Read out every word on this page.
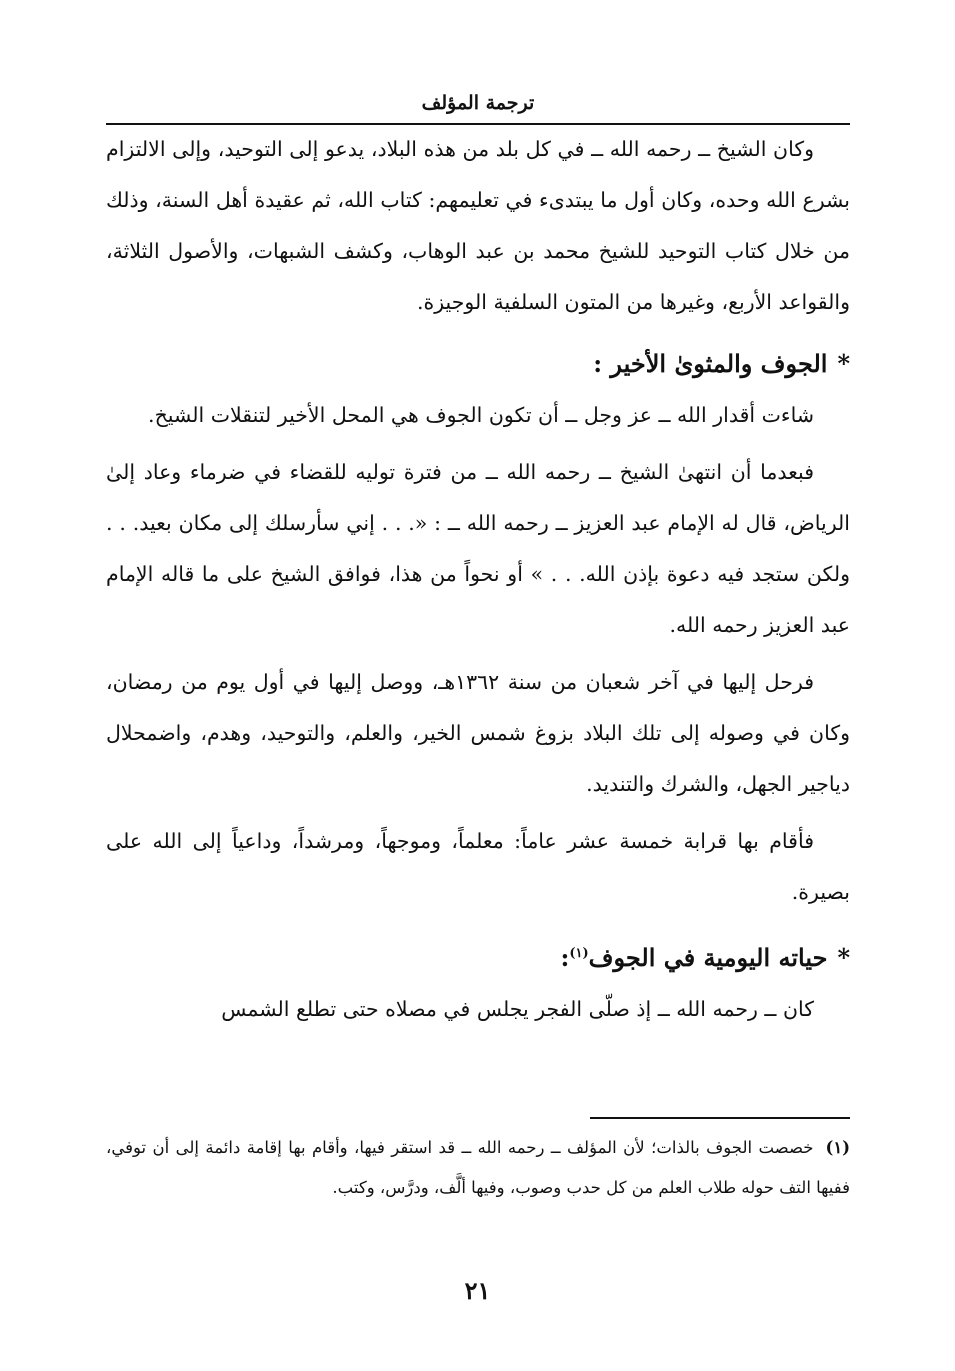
ترجمة المؤلف

وكان الشيخ ــ رحمه الله ــ في كل بلد من هذه البلاد، يدعو إلى التوحيد، وإلى الالتزام بشرع الله وحده، وكان أول ما يبتدىء في تعليمهم: كتاب الله، ثم عقيدة أهل السنة، وذلك من خلال كتاب التوحيد للشيخ محمد بن عبد الوهاب، وكشف الشبهات، والأصول الثلاثة، والقواعد الأربع، وغيرها من المتون السلفية الوجيزة.

*الجوف والمثوىٰ الأخير :

شاءت أقدار الله ــ عز وجل ــ أن تكون الجوف هي المحل الأخير لتنقلات الشيخ.

فبعدما أن انتهىٰ الشيخ ــ رحمه الله ــ من فترة توليه للقضاء في ضرماء وعاد إلىٰ الرياض، قال له الإمام عبد العزيز ــ رحمه الله ــ : «. . . إني سأرسلك إلى مكان بعيد. . . ولكن ستجد فيه دعوة بإذن الله. . . » أو نحواً من هذا، فوافق الشيخ على ما قاله الإمام عبد العزيز رحمه الله.

فرحل إليها في آخر شعبان من سنة ١٣٦٢هـ، ووصل إليها في أول يوم من رمضان، وكان في وصوله إلى تلك البلاد بزوغ شمس الخير، والعلم، والتوحيد، وهدم، واضمحلال دياجير الجهل، والشرك والتنديد.

فأقام بها قرابة خمسة عشر عاماً: معلماً، وموجهاً، ومرشداً، وداعياً إلى الله على بصيرة.

*حياته اليومية في الجوف$^{(١)}$:

كان ــ رحمه الله ــ إذ صلّى الفجر يجلس في مصلاه حتى تطلع الشمس

(١)خصصت الجوف بالذات؛ لأن المؤلف ــ رحمه الله ــ قد استقر فيها، وأقام بها إقامة دائمة إلى أن توفي، ففيها التف حوله طلاب العلم من كل حدب وصوب، وفيها ألَّف، ودرَّس، وكتب.
٢١
